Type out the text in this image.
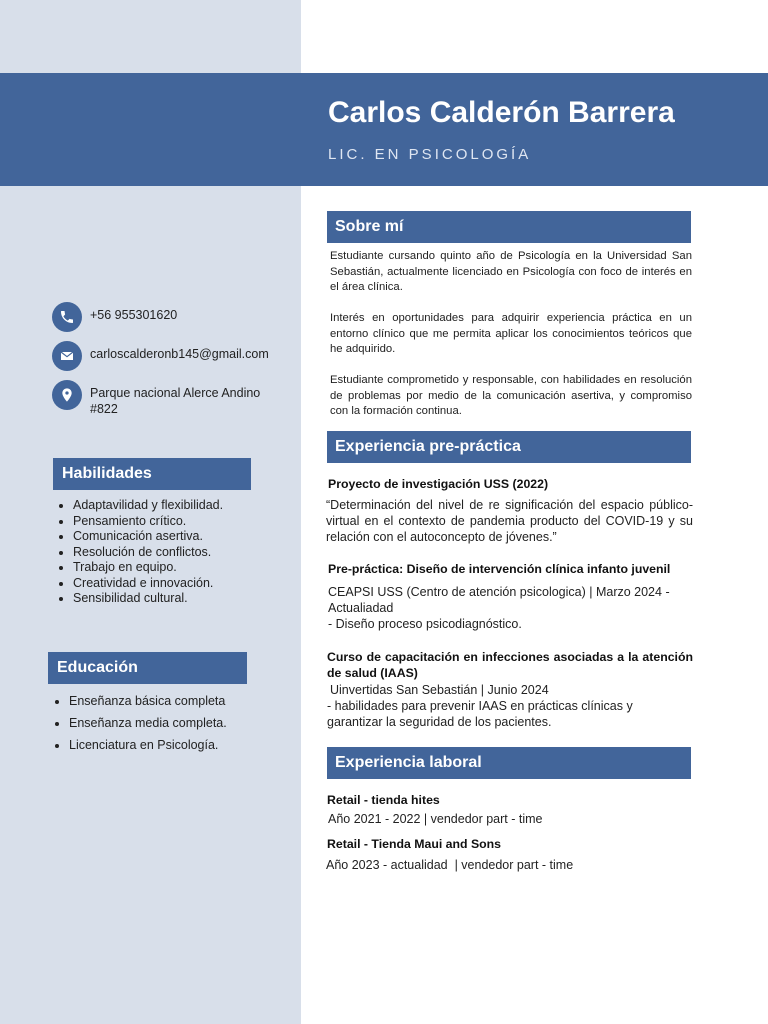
Carlos Calderón Barrera
LIC. EN PSICOLOGÍA
+56 955301620
carloscalderonb145@gmail.com
Parque nacional Alerce Andino #822
Habilidades
• Adaptavilidad y flexibilidad.
• Pensamiento crítico.
• Comunicación asertiva.
• Resolución de conflictos.
• Trabajo en equipo.
• Creatividad e innovación.
• Sensibilidad cultural.
Educación
• Enseñanza básica completa
• Enseñanza media completa.
• Licenciatura en Psicología.
Sobre mí

Estudiante cursando quinto año de Psicología en la Universidad San Sebastián, actualmente licenciado en Psicología con foco de interés en el área clínica.

Interés en oportunidades para adquirir experiencia práctica en un entorno clínico que me permita aplicar los conocimientos teóricos que he adquirido.

Estudiante comprometido y responsable, con habilidades en resolución de problemas por medio de la comunicación asertiva, y compromiso con la formación continua.

Experiencia pre-práctica
Proyecto de investigación USS (2022)

“Determinación del nivel de re significación del espacio público-virtual en el contexto de pandemia producto del COVID-19 y su relación con el autoconcepto de jóvenes.”

Pre-práctica: Diseño de intervención clínica infanto juvenil

CEAPSI USS (Centro de atención psicologica) | Marzo 2024 - Actualiadad

- Diseño proceso psicodiagnóstico.

Curso de capacitación en infecciones asociadas a la atención de salud (IAAS)

Uinvertidas San Sebastián | Junio 2024

- habilidades para prevenir IAAS en prácticas clínicas y garantizar la seguridad de los pacientes.

Experiencia laboral
Retail - tienda hites

Año 2021 - 2022 | vendedor part - time

Retail - Tienda Maui and Sons

Año 2023 - actualidad  | vendedor part - time
